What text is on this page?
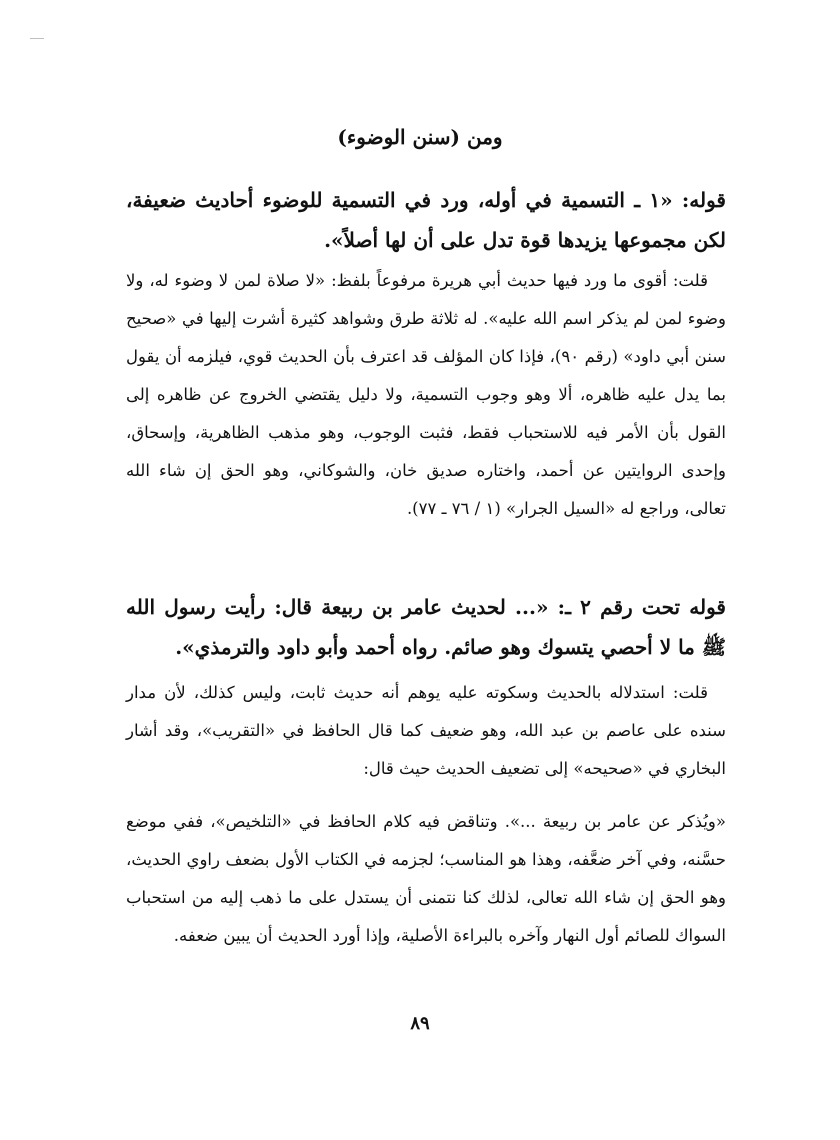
ومن (سنن الوضوء)

قوله: «١ ـ التسمية في أوله، ورد في التسمية للوضوء أحاديث ضعيفة، لكن مجموعها يزيدها قوة تدل على أن لها أصلاً».

قلت: أقوى ما ورد فيها حديث أبي هريرة مرفوعاً بلفظ: «لا صلاة لمن لا وضوء له، ولا وضوء لمن لم يذكر اسم الله عليه». له ثلاثة طرق وشواهد كثيرة أشرت إليها في «صحيح سنن أبي داود» (رقم ٩٠)، فإذا كان المؤلف قد اعترف بأن الحديث قوي، فيلزمه أن يقول بما يدل عليه ظاهره، ألا وهو وجوب التسمية، ولا دليل يقتضي الخروج عن ظاهره إلى القول بأن الأمر فيه للاستحباب فقط، فثبت الوجوب، وهو مذهب الظاهرية، وإسحاق، وإحدى الروايتين عن أحمد، واختاره صديق خان، والشوكاني، وهو الحق إن شاء الله تعالى، وراجع له «السيل الجرار» (١ / ٧٦ ـ ٧٧).

قوله تحت رقم ٢ ـ: «... لحديث عامر بن ربيعة قال: رأيت رسول الله ﷺ ما لا أحصي يتسوك وهو صائم. رواه أحمد وأبو داود والترمذي».

قلت: استدلاله بالحديث وسكوته عليه يوهم أنه حديث ثابت، وليس كذلك، لأن مدار سنده على عاصم بن عبد الله، وهو ضعيف كما قال الحافظ في «التقريب»، وقد أشار البخاري في «صحيحه» إلى تضعيف الحديث حيث قال:

«ويُذكر عن عامر بن ربيعة ...». وتناقض فيه كلام الحافظ في «التلخيص»، ففي موضع حسَّنه، وفي آخر ضعَّفه، وهذا هو المناسب؛ لجزمه في الكتاب الأول بضعف راوي الحديث، وهو الحق إن شاء الله تعالى، لذلك كنا نتمنى أن يستدل على ما ذهب إليه من استحباب السواك للصائم أول النهار وآخره بالبراءة الأصلية، وإذا أورد الحديث أن يبين ضعفه.

٨٩
